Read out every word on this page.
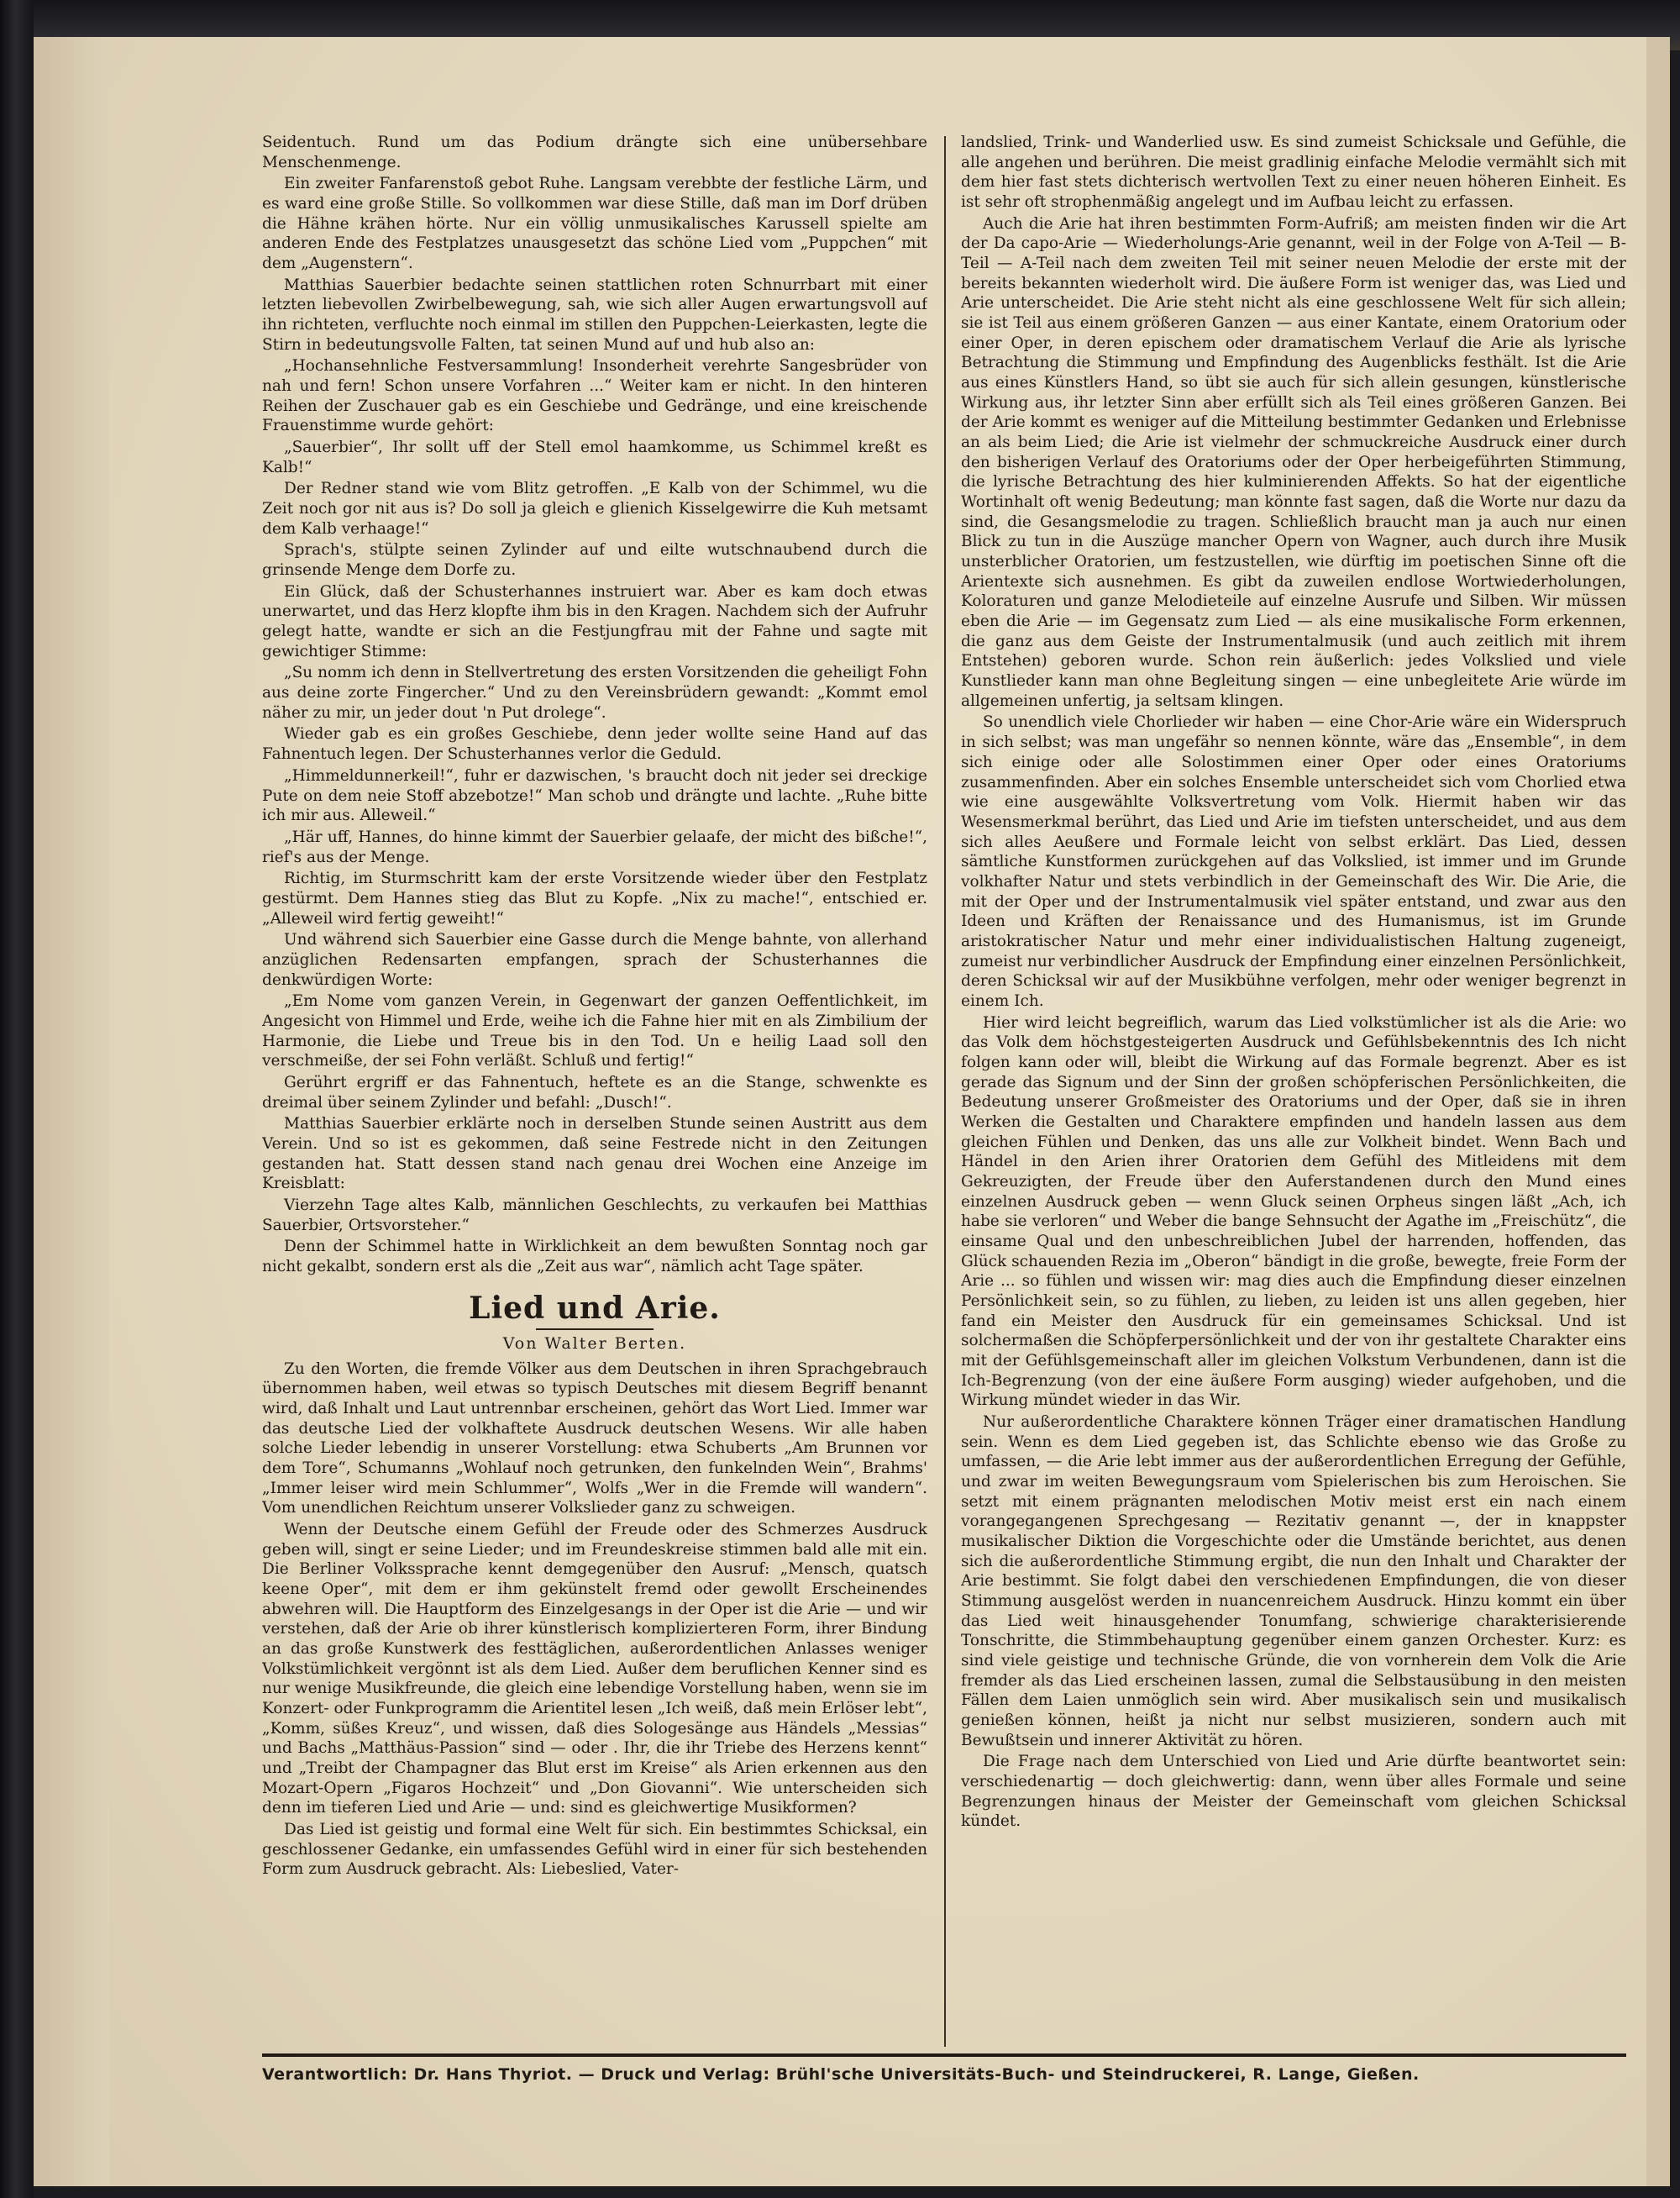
Seidentuch. Rund um das Podium drängte sich eine unübersehbare Menschenmenge.

Ein zweiter Fanfarenstoß gebot Ruhe. Langsam verebbte der festliche Lärm, und es ward eine große Stille. So vollkommen war diese Stille, daß man im Dorf drüben die Hähne krähen hörte. Nur ein völlig unmusikalisches Karussell spielte am anderen Ende des Festplatzes unausgesetzt das schöne Lied vom „Puppchen“ mit dem „Augenstern“.

Matthias Sauerbier bedachte seinen stattlichen roten Schnurrbart mit einer letzten liebevollen Zwirbelbewegung, sah, wie sich aller Augen erwartungsvoll auf ihn richteten, verfluchte noch einmal im stillen den Puppchen-Leierkasten, legte die Stirn in bedeutungsvolle Falten, tat seinen Mund auf und hub also an:

„Hochansehnliche Festversammlung! Insonderheit verehrte Sangesbrüder von nah und fern! Schon unsere Vorfahren ...“ Weiter kam er nicht. In den hinteren Reihen der Zuschauer gab es ein Geschiebe und Gedränge, und eine kreischende Frauenstimme wurde gehört:

„Sauerbier“, Ihr sollt uff der Stell emol haamkomme, us Schimmel kreßt es Kalb!“

Der Redner stand wie vom Blitz getroffen. „E Kalb von der Schimmel, wu die Zeit noch gor nit aus is? Do soll ja gleich e glienich Kisselgewirre die Kuh metsamt dem Kalb verhaage!“

Sprach's, stülpte seinen Zylinder auf und eilte wutschnaubend durch die grinsende Menge dem Dorfe zu.

Ein Glück, daß der Schusterhannes instruiert war. Aber es kam doch etwas unerwartet, und das Herz klopfte ihm bis in den Kragen. Nachdem sich der Aufruhr gelegt hatte, wandte er sich an die Festjungfrau mit der Fahne und sagte mit gewichtiger Stimme:

„Su nomm ich denn in Stellvertretung des ersten Vorsitzenden die geheiligt Fohn aus deine zorte Fingercher.“ Und zu den Vereinsbrüdern gewandt: „Kommt emol näher zu mir, un jeder dout 'n Put drolege“.

Wieder gab es ein großes Geschiebe, denn jeder wollte seine Hand auf das Fahnentuch legen. Der Schusterhannes verlor die Geduld.

„Himmeldunnerkeil!“, fuhr er dazwischen, 's braucht doch nit jeder sei dreckige Pute on dem neie Stoff abzebotze!“ Man schob und drängte und lachte. „Ruhe bitte ich mir aus. Alleweil.“

„Här uff, Hannes, do hinne kimmt der Sauerbier gelaafe, der micht des bißche!“, rief's aus der Menge.

Richtig, im Sturmschritt kam der erste Vorsitzende wieder über den Festplatz gestürmt. Dem Hannes stieg das Blut zu Kopfe. „Nix zu mache!“, entschied er. „Alleweil wird fertig geweiht!“

Und während sich Sauerbier eine Gasse durch die Menge bahnte, von allerhand anzüglichen Redensarten empfangen, sprach der Schusterhannes die denkwürdigen Worte:

„Em Nome vom ganzen Verein, in Gegenwart der ganzen Oeffentlichkeit, im Angesicht von Himmel und Erde, weihe ich die Fahne hier mit en als Zimbilium der Harmonie, die Liebe und Treue bis in den Tod. Un e heilig Laad soll den verschmeiße, der sei Fohn verläßt. Schluß und fertig!“

Gerührt ergriff er das Fahnentuch, heftete es an die Stange, schwenkte es dreimal über seinem Zylinder und befahl: „Dusch!“.

Matthias Sauerbier erklärte noch in derselben Stunde seinen Austritt aus dem Verein. Und so ist es gekommen, daß seine Festrede nicht in den Zeitungen gestanden hat. Statt dessen stand nach genau drei Wochen eine Anzeige im Kreisblatt:

Vierzehn Tage altes Kalb, männlichen Geschlechts, zu verkaufen bei Matthias Sauerbier, Ortsvorsteher.“

Denn der Schimmel hatte in Wirklichkeit an dem bewußten Sonntag noch gar nicht gekalbt, sondern erst als die „Zeit aus war“, nämlich acht Tage später.

Lied und Arie.
Von Walter Berten.

Zu den Worten, die fremde Völker aus dem Deutschen in ihren Sprachgebrauch übernommen haben, weil etwas so typisch Deutsches mit diesem Begriff benannt wird, daß Inhalt und Laut untrennbar erscheinen, gehört das Wort Lied. Immer war das deutsche Lied der volkhaftete Ausdruck deutschen Wesens. Wir alle haben solche Lieder lebendig in unserer Vorstellung: etwa Schuberts „Am Brunnen vor dem Tore“, Schumanns „Wohlauf noch getrunken, den funkelnden Wein“, Brahms' „Immer leiser wird mein Schlummer“, Wolfs „Wer in die Fremde will wandern“. Vom unendlichen Reichtum unserer Volkslieder ganz zu schweigen.

Wenn der Deutsche einem Gefühl der Freude oder des Schmerzes Ausdruck geben will, singt er seine Lieder; und im Freundeskreise stimmen bald alle mit ein. Die Berliner Volkssprache kennt demgegenüber den Ausruf: „Mensch, quatsch keene Oper“, mit dem er ihm gekünstelt fremd oder gewollt Erscheinendes abwehren will. Die Hauptform des Einzelgesangs in der Oper ist die Arie — und wir verstehen, daß der Arie ob ihrer künstlerisch komplizierteren Form, ihrer Bindung an das große Kunstwerk des festtäglichen, außerordentlichen Anlasses weniger Volkstümlichkeit vergönnt ist als dem Lied. Außer dem beruflichen Kenner sind es nur wenige Musikfreunde, die gleich eine lebendige Vorstellung haben, wenn sie im Konzert- oder Funkprogramm die Arientitel lesen „Ich weiß, daß mein Erlöser lebt“, „Komm, süßes Kreuz“, und wissen, daß dies Sologesänge aus Händels „Messias“ und Bachs „Matthäus-Passion“ sind — oder . Ihr, die ihr Triebe des Herzens kennt“ und „Treibt der Champagner das Blut erst im Kreise“ als Arien erkennen aus den Mozart-Opern „Figaros Hochzeit“ und „Don Giovanni“. Wie unterscheiden sich denn im tieferen Lied und Arie — und: sind es gleichwertige Musikformen?

Das Lied ist geistig und formal eine Welt für sich. Ein bestimmtes Schicksal, ein geschlossener Gedanke, ein umfassendes Gefühl wird in einer für sich bestehenden Form zum Ausdruck gebracht. Als: Liebeslied, Vater-

landslied, Trink- und Wanderlied usw. Es sind zumeist Schicksale und Gefühle, die alle angehen und berühren. Die meist gradlinig einfache Melodie vermählt sich mit dem hier fast stets dichterisch wertvollen Text zu einer neuen höheren Einheit. Es ist sehr oft strophenmäßig angelegt und im Aufbau leicht zu erfassen.

Auch die Arie hat ihren bestimmten Form-Aufriß; am meisten finden wir die Art der Da capo-Arie — Wiederholungs-Arie genannt, weil in der Folge von A-Teil — B-Teil — A-Teil nach dem zweiten Teil mit seiner neuen Melodie der erste mit der bereits bekannten wiederholt wird. Die äußere Form ist weniger das, was Lied und Arie unterscheidet. Die Arie steht nicht als eine geschlossene Welt für sich allein; sie ist Teil aus einem größeren Ganzen — aus einer Kantate, einem Oratorium oder einer Oper, in deren epischem oder dramatischem Verlauf die Arie als lyrische Betrachtung die Stimmung und Empfindung des Augenblicks festhält. Ist die Arie aus eines Künstlers Hand, so übt sie auch für sich allein gesungen, künstlerische Wirkung aus, ihr letzter Sinn aber erfüllt sich als Teil eines größeren Ganzen. Bei der Arie kommt es weniger auf die Mitteilung bestimmter Gedanken und Erlebnisse an als beim Lied; die Arie ist vielmehr der schmuckreiche Ausdruck einer durch den bisherigen Verlauf des Oratoriums oder der Oper herbeigeführten Stimmung, die lyrische Betrachtung des hier kulminierenden Affekts. So hat der eigentliche Wortinhalt oft wenig Bedeutung; man könnte fast sagen, daß die Worte nur dazu da sind, die Gesangsmelodie zu tragen. Schließlich braucht man ja auch nur einen Blick zu tun in die Auszüge mancher Opern von Wagner, auch durch ihre Musik unsterblicher Oratorien, um festzustellen, wie dürftig im poetischen Sinne oft die Arientexte sich ausnehmen. Es gibt da zuweilen endlose Wortwiederholungen, Koloraturen und ganze Melodieteile auf einzelne Ausrufe und Silben. Wir müssen eben die Arie — im Gegensatz zum Lied — als eine musikalische Form erkennen, die ganz aus dem Geiste der Instrumentalmusik (und auch zeitlich mit ihrem Entstehen) geboren wurde. Schon rein äußerlich: jedes Volkslied und viele Kunstlieder kann man ohne Begleitung singen — eine unbegleitete Arie würde im allgemeinen unfertig, ja seltsam klingen.

So unendlich viele Chorlieder wir haben — eine Chor-Arie wäre ein Widerspruch in sich selbst; was man ungefähr so nennen könnte, wäre das „Ensemble“, in dem sich einige oder alle Solostimmen einer Oper oder eines Oratoriums zusammenfinden. Aber ein solches Ensemble unterscheidet sich vom Chorlied etwa wie eine ausgewählte Volksvertretung vom Volk. Hiermit haben wir das Wesensmerkmal berührt, das Lied und Arie im tiefsten unterscheidet, und aus dem sich alles Aeußere und Formale leicht von selbst erklärt. Das Lied, dessen sämtliche Kunstformen zurückgehen auf das Volkslied, ist immer und im Grunde volkhafter Natur und stets verbindlich in der Gemeinschaft des Wir. Die Arie, die mit der Oper und der Instrumentalmusik viel später entstand, und zwar aus den Ideen und Kräften der Renaissance und des Humanismus, ist im Grunde aristokratischer Natur und mehr einer individualistischen Haltung zugeneigt, zumeist nur verbindlicher Ausdruck der Empfindung einer einzelnen Persönlichkeit, deren Schicksal wir auf der Musikbühne verfolgen, mehr oder weniger begrenzt in einem Ich.

Hier wird leicht begreiflich, warum das Lied volkstümlicher ist als die Arie: wo das Volk dem höchstgesteigerten Ausdruck und Gefühlsbekenntnis des Ich nicht folgen kann oder will, bleibt die Wirkung auf das Formale begrenzt. Aber es ist gerade das Signum und der Sinn der großen schöpferischen Persönlichkeiten, die Bedeutung unserer Großmeister des Oratoriums und der Oper, daß sie in ihren Werken die Gestalten und Charaktere empfinden und handeln lassen aus dem gleichen Fühlen und Denken, das uns alle zur Volkheit bindet. Wenn Bach und Händel in den Arien ihrer Oratorien dem Gefühl des Mitleidens mit dem Gekreuzigten, der Freude über den Auferstandenen durch den Mund eines einzelnen Ausdruck geben — wenn Gluck seinen Orpheus singen läßt „Ach, ich habe sie verloren“ und Weber die bange Sehnsucht der Agathe im „Freischütz“, die einsame Qual und den unbeschreiblichen Jubel der harrenden, hoffenden, das Glück schauenden Rezia im „Oberon“ bändigt in die große, bewegte, freie Form der Arie ... so fühlen und wissen wir: mag dies auch die Empfindung dieser einzelnen Persönlichkeit sein, so zu fühlen, zu lieben, zu leiden ist uns allen gegeben, hier fand ein Meister den Ausdruck für ein gemeinsames Schicksal. Und ist solchermaßen die Schöpferpersönlichkeit und der von ihr gestaltete Charakter eins mit der Gefühlsgemeinschaft aller im gleichen Volkstum Verbundenen, dann ist die Ich-Begrenzung (von der eine äußere Form ausging) wieder aufgehoben, und die Wirkung mündet wieder in das Wir.

Nur außerordentliche Charaktere können Träger einer dramatischen Handlung sein. Wenn es dem Lied gegeben ist, das Schlichte ebenso wie das Große zu umfassen, — die Arie lebt immer aus der außerordentlichen Erregung der Gefühle, und zwar im weiten Bewegungsraum vom Spielerischen bis zum Heroischen. Sie setzt mit einem prägnanten melodischen Motiv meist erst ein nach einem vorangegangenen Sprechgesang — Rezitativ genannt —, der in knappster musikalischer Diktion die Vorgeschichte oder die Umstände berichtet, aus denen sich die außerordentliche Stimmung ergibt, die nun den Inhalt und Charakter der Arie bestimmt. Sie folgt dabei den verschiedenen Empfindungen, die von dieser Stimmung ausgelöst werden in nuancenreichem Ausdruck. Hinzu kommt ein über das Lied weit hinausgehender Tonumfang, schwierige charakterisierende Tonschritte, die Stimmbehauptung gegenüber einem ganzen Orchester. Kurz: es sind viele geistige und technische Gründe, die von vornherein dem Volk die Arie fremder als das Lied erscheinen lassen, zumal die Selbstausübung in den meisten Fällen dem Laien unmöglich sein wird. Aber musikalisch sein und musikalisch genießen können, heißt ja nicht nur selbst musizieren, sondern auch mit Bewußtsein und innerer Aktivität zu hören.

Die Frage nach dem Unterschied von Lied und Arie dürfte beantwortet sein: verschiedenartig — doch gleichwertig: dann, wenn über alles Formale und seine Begrenzungen hinaus der Meister der Gemeinschaft vom gleichen Schicksal kündet.

Verantwortlich: Dr. Hans Thyriot. — Druck und Verlag: Brühl'sche Universitäts-Buch- und Steindruckerei, R. Lange, Gießen.
